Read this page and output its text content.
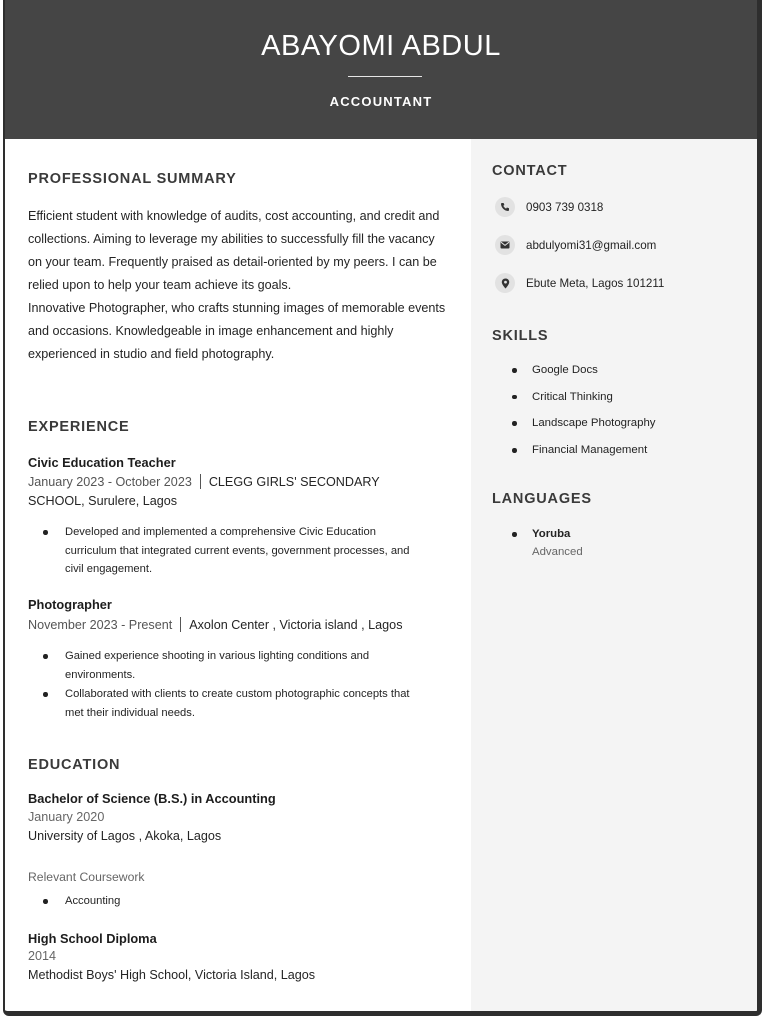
ABAYOMI ABDUL
ACCOUNTANT
PROFESSIONAL SUMMARY

Efficient student with knowledge of audits, cost accounting, and credit and collections. Aiming to leverage my abilities to successfully fill the vacancy on your team. Frequently praised as detail-oriented by my peers. I can be relied upon to help your team achieve its goals.

Innovative Photographer, who crafts stunning images of memorable events and occasions. Knowledgeable in image enhancement and highly experienced in studio and field photography.

EXPERIENCE
Civic Education Teacher
January 2023 - October 2023 CLEGG GIRLS' SECONDARY
SCHOOL, Surulere, Lagos
Developed and implemented a comprehensive Civic Education curriculum that integrated current events, government processes, and civil engagement.
Photographer
November 2023 - Present Axolon Center , Victoria island , Lagos
Gained experience shooting in various lighting conditions and environments.
Collaborated with clients to create custom photographic concepts that met their individual needs.
EDUCATION
Bachelor of Science (B.S.) in Accounting
January 2020
University of Lagos , Akoka, Lagos
Relevant Coursework
Accounting
High School Diploma
2014
Methodist Boys' High School, Victoria Island, Lagos
CONTACT
0903 739 0318
abdulyomi31@gmail.com
Ebute Meta, Lagos 101211
SKILLS
Google Docs
Critical Thinking
Landscape Photography
Financial Management
LANGUAGES
Yoruba
Advanced
